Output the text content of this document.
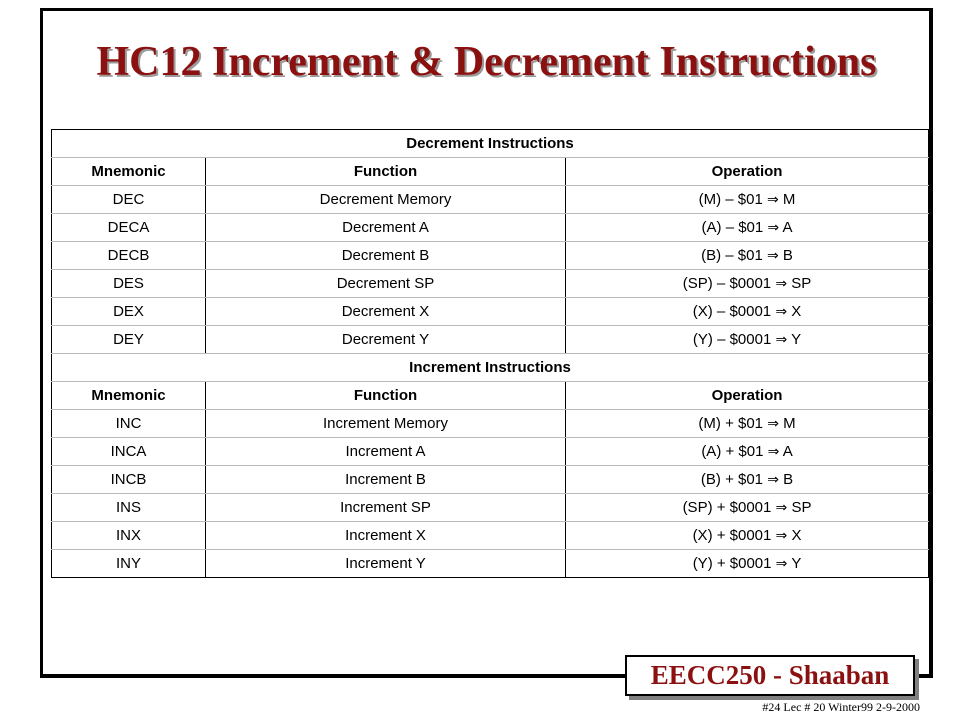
HC12 Increment & Decrement Instructions
Decrement Instructions		
Mnemonic	Function	Operation
DEC	Decrement Memory	(M) – $01 ⇒ M
DECA	Decrement A	(A) – $01 ⇒ A
DECB	Decrement B	(B) – $01 ⇒ B
DES	Decrement SP	(SP) – $0001 ⇒ SP
DEX	Decrement X	(X) – $0001 ⇒ X
DEY	Decrement Y	(Y) – $0001 ⇒ Y
Increment Instructions		
Mnemonic	Function	Operation
INC	Increment Memory	(M) + $01 ⇒ M
INCA	Increment A	(A) + $01 ⇒ A
INCB	Increment B	(B) + $01 ⇒ B
INS	Increment SP	(SP) + $0001 ⇒ SP
INX	Increment X	(X) + $0001 ⇒ X
INY	Increment Y	(Y) + $0001 ⇒ Y
EECC250 - Shaaban
#24 Lec # 20 Winter99 2-9-2000
